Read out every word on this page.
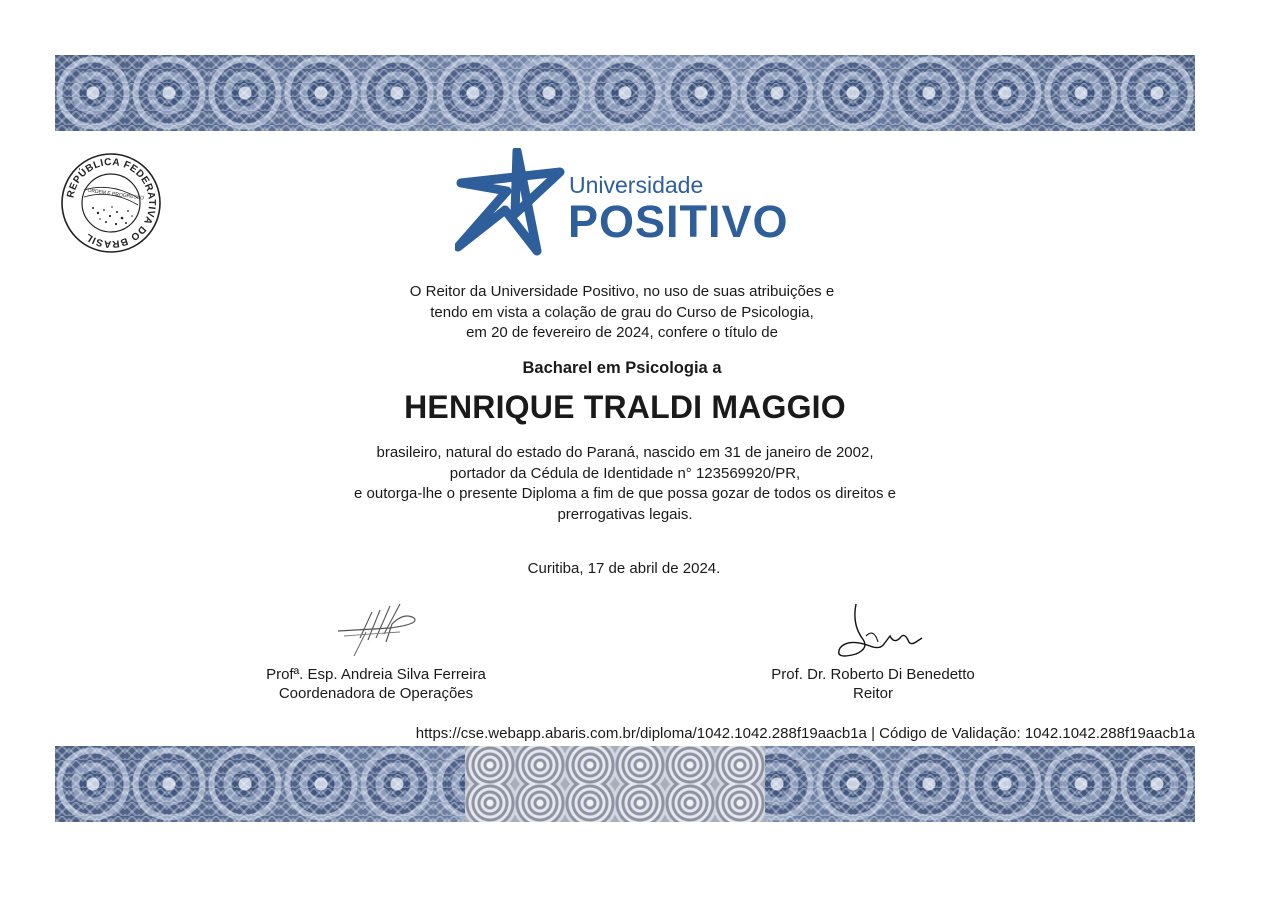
REPÚBLICA FEDERATIVA DO BRASIL
ORDEM E PROGRESSO	Universidade
POSITIVO
O Reitor da Universidade Positivo, no uso de suas atribuições e
tendo em vista a colação de grau do Curso de Psicologia,
em 20 de fevereiro de 2024, confere o título de
Bacharel em Psicologia a
HENRIQUE TRALDI MAGGIO
brasileiro, natural do estado do Paraná, nascido em 31 de janeiro de 2002,
portador da Cédula de Identidade n° 123569920/PR,
e outorga-lhe o presente Diploma a fim de que possa gozar de todos os direitos e
prerrogativas legais.
Curitiba, 17 de abril de 2024.
Profª. Esp. Andreia Silva Ferreira
Coordenadora de Operações
Prof. Dr. Roberto Di Benedetto
Reitor
https://cse.webapp.abaris.com.br/diploma/1042.1042.288f19aacb1a | Código de Validação: 1042.1042.288f19aacb1a
